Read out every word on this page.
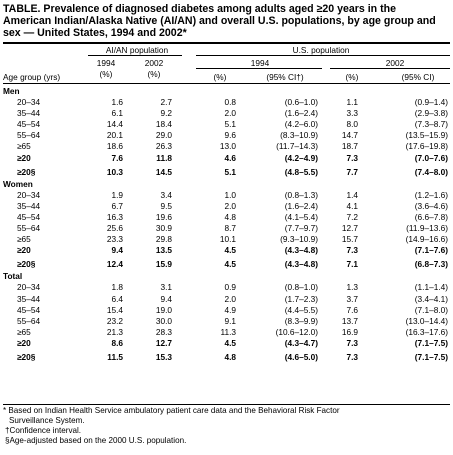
TABLE. Prevalence of diagnosed diabetes among adults aged ≥20 years in the
American Indian/Alaska Native (AI/AN) and overall U.S. populations, by age group and
sex — United States, 1994 and 2002*
AI/AN population	U.S. population
1994	2002	1994	2002
Age group (yrs)	(%)	(%)	(%)	(95% CI†)	(%)	(95% CI)
Men
20–34	1.6	2.7	0.8	(0.6–1.0)	1.1	(0.9–1.4)
35–44	6.1	9.2	2.0	(1.6–2.4)	3.3	(2.9–3.8)
45–54	14.4	18.4	5.1	(4.2–6.0)	8.0	(7.3–8.7)
55–64	20.1	29.0	9.6	(8.3–10.9)	14.7	(13.5–15.9)
≥65	18.6	26.3	13.0	(11.7–14.3)	18.7	(17.6–19.8)
≥20	7.6	11.8	4.6	(4.2–4.9)	7.3	(7.0–7.6)
≥20§	10.3	14.5	5.1	(4.8–5.5)	7.7	(7.4–8.0)
Women
20–34	1.9	3.4	1.0	(0.8–1.3)	1.4	(1.2–1.6)
35–44	6.7	9.5	2.0	(1.6–2.4)	4.1	(3.6–4.6)
45–54	16.3	19.6	4.8	(4.1–5.4)	7.2	(6.6–7.8)
55–64	25.6	30.9	8.7	(7.7–9.7)	12.7	(11.9–13.6)
≥65	23.3	29.8	10.1	(9.3–10.9)	15.7	(14.9–16.6)
≥20	9.4	13.5	4.5	(4.3–4.8)	7.3	(7.1–7.6)
≥20§	12.4	15.9	4.5	(4.3–4.8)	7.1	(6.8–7.3)
Total
20–34	1.8	3.1	0.9	(0.8–1.0)	1.3	(1.1–1.4)
35–44	6.4	9.4	2.0	(1.7–2.3)	3.7	(3.4–4.1)
45–54	15.4	19.0	4.9	(4.4–5.5)	7.6	(7.1–8.0)
55–64	23.2	30.0	9.1	(8.3–9.9)	13.7	(13.0–14.4)
≥65	21.3	28.3	11.3	(10.6–12.0)	16.9	(16.3–17.6)
≥20	8.6	12.7	4.5	(4.3–4.7)	7.3	(7.1–7.5)
≥20§	11.5	15.3	4.8	(4.6–5.0)	7.3	(7.1–7.5)
* Based on Indian Health Service ambulatory patient care data and the Behavioral Risk Factor
Surveillance System.
†Confidence interval.
§Age-adjusted based on the 2000 U.S. population.
